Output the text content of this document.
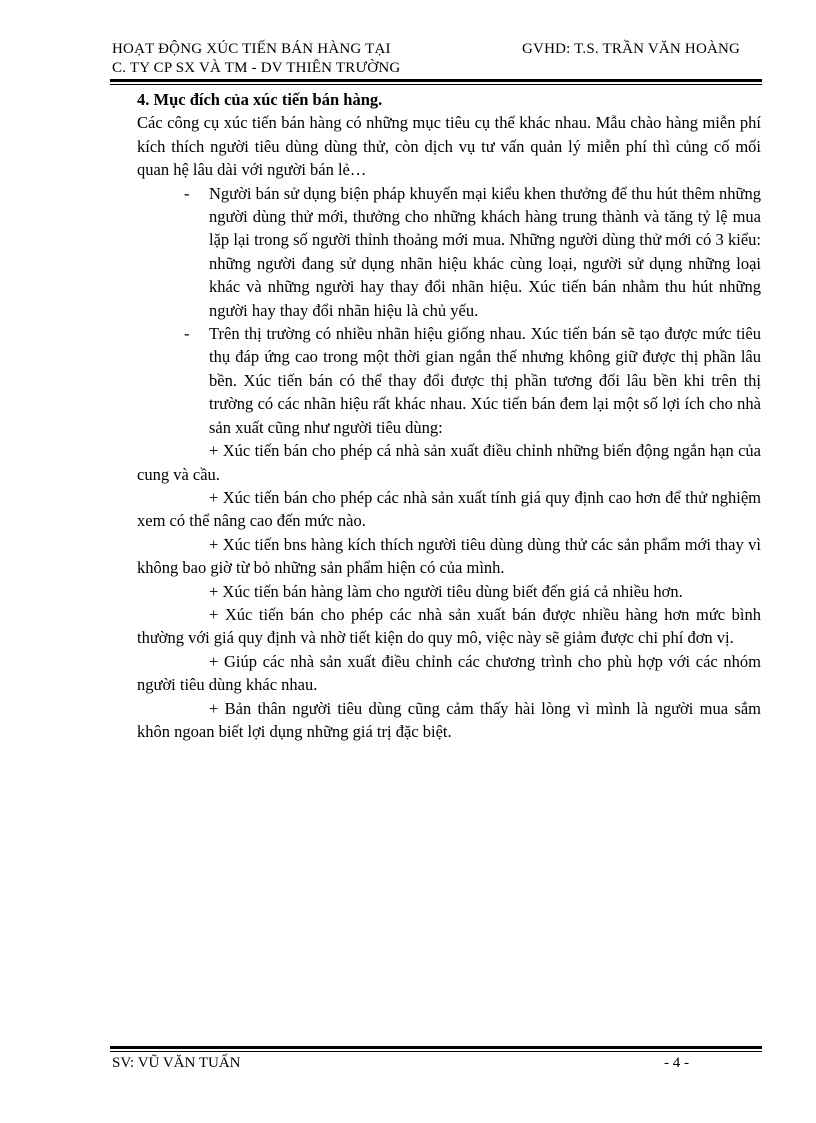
HOẠT ĐỘNG XÚC TIẾN BÁN HÀNG TẠI
C. TY CP SX VÀ TM - DV THIÊN TRƯỜNG
GVHD: T.S. TRẦN VĂN HOÀNG

4. Mục đích của xúc tiến bán hàng.

Các công cụ xúc tiến bán hàng có những mục tiêu cụ thể khác nhau. Mẫu chào hàng miễn phí kích thích người tiêu dùng dùng thử, còn dịch vụ tư vấn quản lý miễn phí thì củng cố mối quan hệ lâu dài với người bán lẻ…

- Người bán sử dụng biện pháp khuyến mại kiểu khen thưởng để thu hút thêm những người dùng thử mới, thưởng cho những khách hàng trung thành và tăng tỷ lệ mua lặp lại trong số người thỉnh thoảng mới mua. Những người dùng thử mới có 3 kiểu: những người đang sử dụng nhãn hiệu khác cùng loại, người sử dụng những loại khác và những người hay thay đổi nhãn hiệu. Xúc tiến bán nhằm thu hút những người hay thay đổi nhãn hiệu là chủ yếu.
- Trên thị trường có nhiều nhãn hiệu giống nhau. Xúc tiến bán sẽ tạo được mức tiêu thụ đáp ứng cao trong một thời gian ngắn thế nhưng không giữ được thị phần lâu bền. Xúc tiến bán có thể thay đổi được thị phần tương đối lâu bền khi trên thị trường có các nhãn hiệu rất khác nhau. Xúc tiến bán đem lại một số lợi ích cho nhà sản xuất cũng như người tiêu dùng:

+ Xúc tiến bán cho phép cá nhà sản xuất điều chỉnh những biến động ngắn hạn của cung và cầu.

+ Xúc tiến bán cho phép các nhà sản xuất tính giá quy định cao hơn để thử nghiệm xem có thể nâng cao đến mức nào.

+ Xúc tiến bns hàng kích thích người tiêu dùng dùng thử các sản phẩm mới thay vì không bao giờ từ bỏ những sản phẩm hiện có của mình.

+ Xúc tiến bán hàng làm cho người tiêu dùng biết đến giá cả nhiều hơn.

+ Xúc tiến bán cho phép các nhà sản xuất bán được nhiều hàng hơn mức bình thường với giá quy định và nhờ tiết kiện do quy mô, việc này sẽ giảm được chi phí đơn vị.

+ Giúp các nhà sản xuất điều chỉnh các chương trình cho phù hợp với các nhóm người tiêu dùng khác nhau.

+ Bản thân người tiêu dùng cũng cảm thấy hài lòng vì mình là người mua sắm khôn ngoan biết lợi dụng những giá trị đặc biệt.

SV: VŨ VĂN TUẤN	- 4 -
